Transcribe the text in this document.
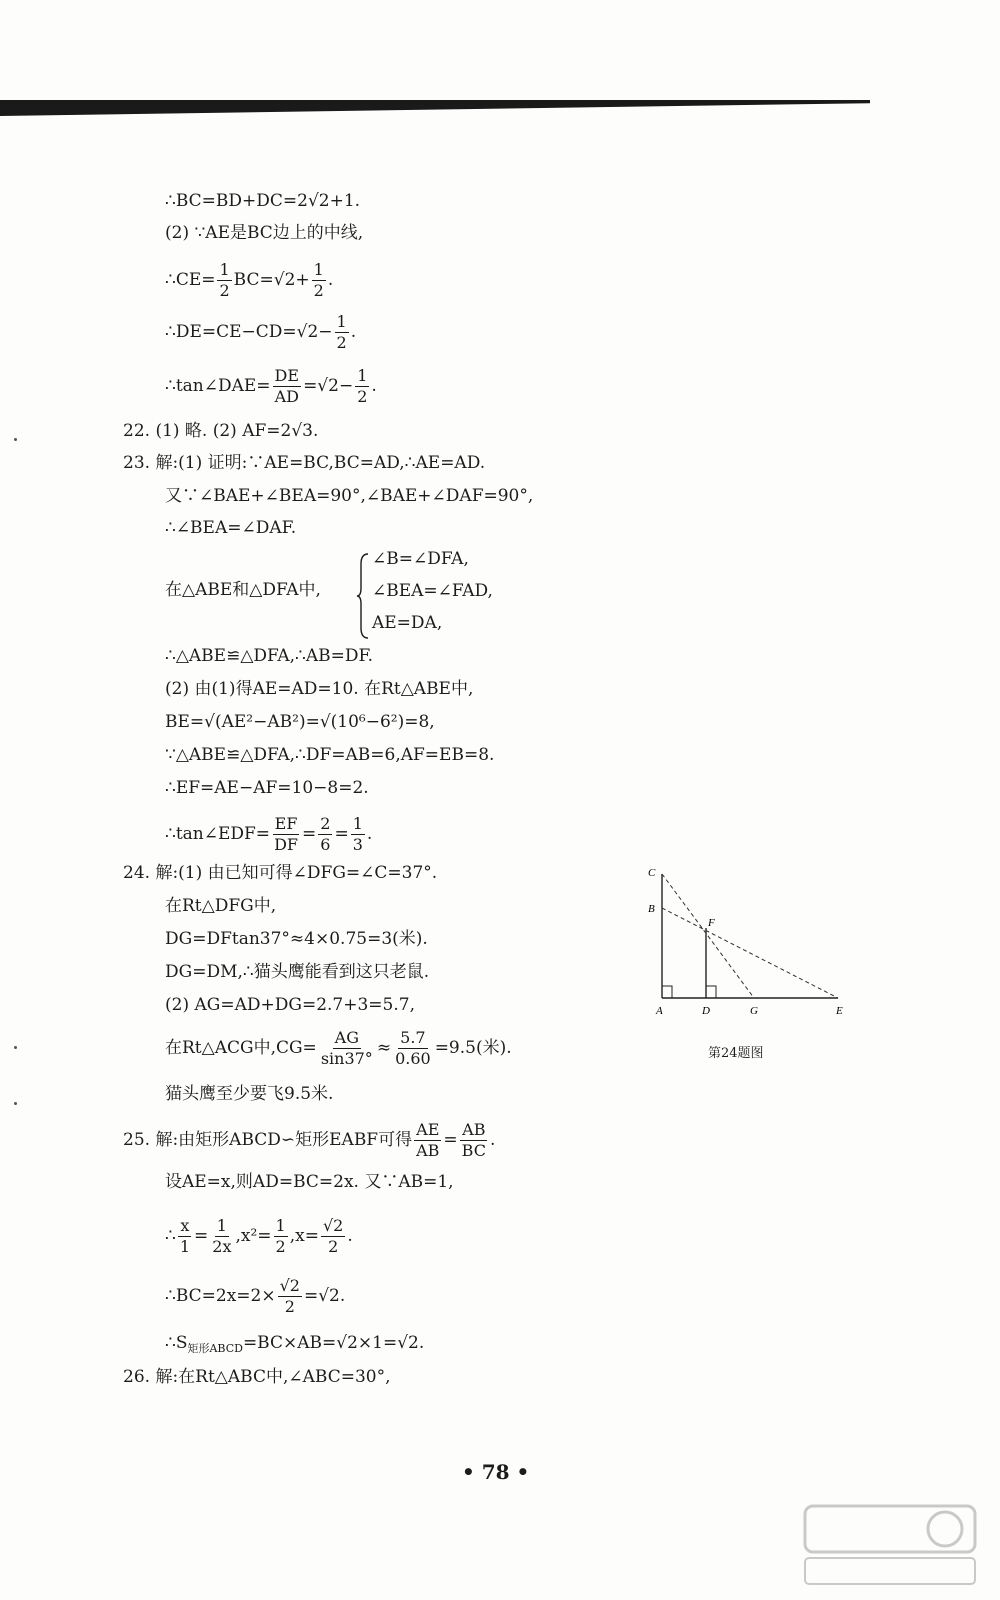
∴BC=BD+DC=2√2+1.
(2) ∵AE是BC边上的中线,
∴CE= $\frac{1}{2} BC=√2+ \frac{1}{2}$ .
∴DE=CE−CD=√2− $\frac{1}{2}$ .
∴tan∠DAE= $\frac{DE}{AD} =√2- \frac{1}{2}$ .
22. (1) 略. (2) AF=2√3.
23. 解:(1) 证明:∵AE=BC,BC=AD,∴AE=AD.
又∵∠BAE+∠BEA=90°,∠BAE+∠DAF=90°,
∴∠BEA=∠DAF.
在△ABE和△DFA中,
∠B=∠DFA,
∠BEA=∠FAD,
AE=DA,
∴△ABE≌△DFA,∴AB=DF.
(2) 由(1)得AE=AD=10. 在Rt△ABE中,
BE=√(AE²−AB²)=√(10⁶−6²)=8,
∵△ABE≌△DFA,∴DF=AB=6,AF=EB=8.
∴EF=AE−AF=10−8=2.
∴tan∠EDF= $\frac{EF}{DF} = \frac{2}{6} = \frac{1}{3}$ .
24. 解:(1) 由已知可得∠DFG=∠C=37°.
在Rt△DFG中,
DG=DFtan37°≈4×0.75=3(米).
DG=DM,∴猫头鹰能看到这只老鼠.
(2) AG=AD+DG=2.7+3=5.7,
在Rt△ACG中$,CG= \frac{AG}{\sin 37^\circ} \approx \frac{5.7}{0.60} =9.5$(米).
猫头鹰至少要飞9.5米.
25. 解:由矩形ABCD∽矩形EABF可得 $\frac{AE}{AB} = \frac{AB}{BC}$ .
设AE=x,则AD=BC=2x. 又∵AB=1,
∴ $\frac{x}{1} = \frac{1}{2x} ,x^2= \frac{1}{2} ,x= \frac{√2}{2}$ .
∴BC=2x=2× $\frac{√2}{2} =√2$.
$\therefore S_{矩形ABCD}=BC\times AB=√2\times 1=√2$.
26. 解:在Rt△ABC中,∠ABC=30°,
C
B
F
A	D	G	E
第24题图
• 78 •
